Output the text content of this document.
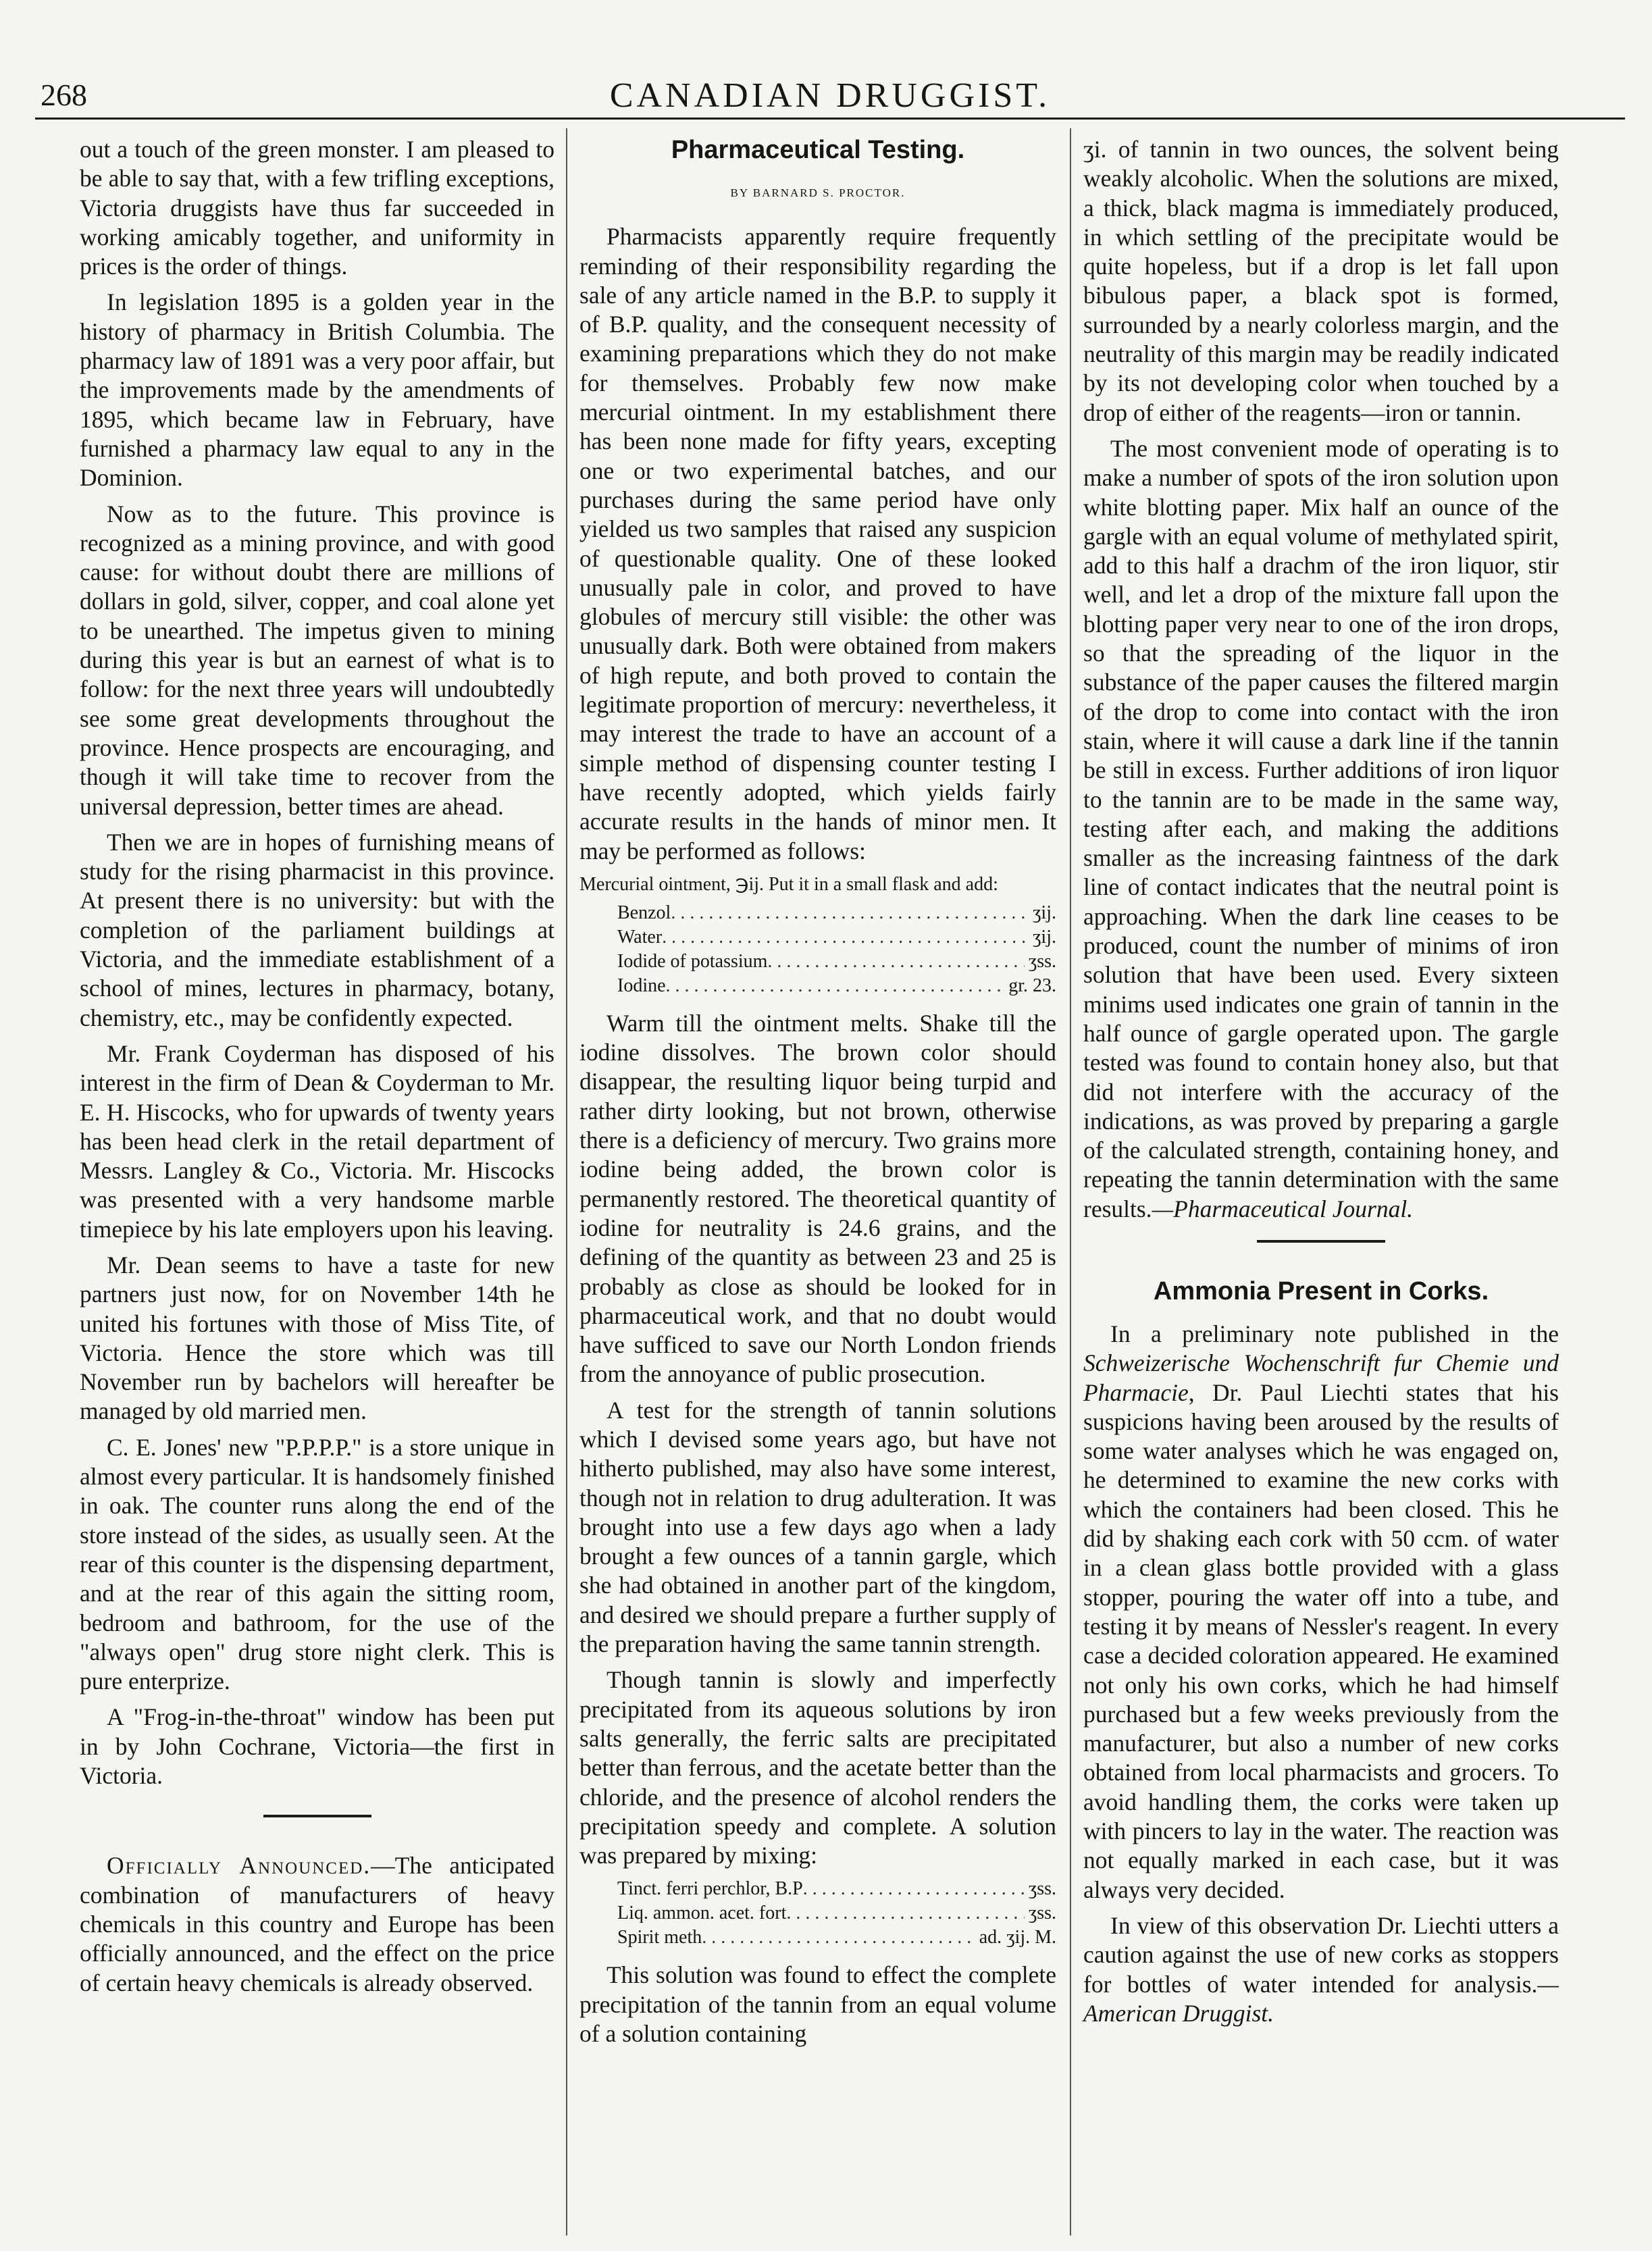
268	CANADIAN DRUGGIST.

out a touch of the green monster. I am pleased to be able to say that, with a few trifling exceptions, Victoria druggists have thus far succeeded in working amicably together, and uniformity in prices is the order of things.

In legislation 1895 is a golden year in the history of pharmacy in British Columbia. The pharmacy law of 1891 was a very poor affair, but the improvements made by the amendments of 1895, which became law in February, have furnished a pharmacy law equal to any in the Dominion.

Now as to the future. This province is recognized as a mining province, and with good cause: for without doubt there are millions of dollars in gold, silver, copper, and coal alone yet to be unearthed. The impetus given to mining during this year is but an earnest of what is to follow: for the next three years will undoubtedly see some great developments throughout the province. Hence prospects are encouraging, and though it will take time to recover from the universal depression, better times are ahead.

Then we are in hopes of furnishing means of study for the rising pharmacist in this province. At present there is no university: but with the completion of the parliament buildings at Victoria, and the immediate establishment of a school of mines, lectures in pharmacy, botany, chemistry, etc., may be confidently expected.

Mr. Frank Coyderman has disposed of his interest in the firm of Dean & Coyderman to Mr. E. H. Hiscocks, who for upwards of twenty years has been head clerk in the retail department of Messrs. Langley & Co., Victoria. Mr. Hiscocks was presented with a very handsome marble timepiece by his late employers upon his leaving.

Mr. Dean seems to have a taste for new partners just now, for on November 14th he united his fortunes with those of Miss Tite, of Victoria. Hence the store which was till November run by bachelors will hereafter be managed by old married men.

C. E. Jones' new "P.P.P.P." is a store unique in almost every particular. It is handsomely finished in oak. The counter runs along the end of the store instead of the sides, as usually seen. At the rear of this counter is the dispensing department, and at the rear of this again the sitting room, bedroom and bathroom, for the use of the "always open" drug store night clerk. This is pure enterprize.

A "Frog-in-the-throat" window has been put in by John Cochrane, Victoria—the first in Victoria.

Officially Announced.—The anticipated combination of manufacturers of heavy chemicals in this country and Europe has been officially announced, and the effect on the price of certain heavy chemicals is already observed.

Pharmaceutical Testing.
BY BARNARD S. PROCTOR.

Pharmacists apparently require frequently reminding of their responsibility regarding the sale of any article named in the B.P. to supply it of B.P. quality, and the consequent necessity of examining preparations which they do not make for themselves. Probably few now make mercurial ointment. In my establishment there has been none made for fifty years, excepting one or two experimental batches, and our purchases during the same period have only yielded us two samples that raised any suspicion of questionable quality. One of these looked unusually pale in color, and proved to have globules of mercury still visible: the other was unusually dark. Both were obtained from makers of high repute, and both proved to contain the legitimate proportion of mercury: nevertheless, it may interest the trade to have an account of a simple method of dispensing counter testing I have recently adopted, which yields fairly accurate results in the hands of minor men. It may be performed as follows:

Mercurial ointment, ℈ij. Put it in a small flask and add:
Benzol . . .	ʒij.
Water . . .	ʒij.
Iodide of potassium . . .	ʒss.
Iodine . . .	gr. 23.

Warm till the ointment melts. Shake till the iodine dissolves. The brown color should disappear, the resulting liquor being turpid and rather dirty looking, but not brown, otherwise there is a deficiency of mercury. Two grains more iodine being added, the brown color is permanently restored. The theoretical quantity of iodine for neutrality is 24.6 grains, and the defining of the quantity as between 23 and 25 is probably as close as should be looked for in pharmaceutical work, and that no doubt would have sufficed to save our North London friends from the annoyance of public prosecution.

A test for the strength of tannin solutions which I devised some years ago, but have not hitherto published, may also have some interest, though not in relation to drug adulteration. It was brought into use a few days ago when a lady brought a few ounces of a tannin gargle, which she had obtained in another part of the kingdom, and desired we should prepare a further supply of the preparation having the same tannin strength.

Though tannin is slowly and imperfectly precipitated from its aqueous solutions by iron salts generally, the ferric salts are precipitated better than ferrous, and the acetate better than the chloride, and the presence of alcohol renders the precipitation speedy and complete. A solution was prepared by mixing:

Tinct. ferri perchlor, B.P . . .	ʒss.
Liq. ammon. acet. fort . . .	ʒss.
Spirit meth . . .	ad. ʒij. M.

This solution was found to effect the complete precipitation of the tannin from an equal volume of a solution containing

ʒi. of tannin in two ounces, the solvent being weakly alcoholic. When the solutions are mixed, a thick, black magma is immediately produced, in which settling of the precipitate would be quite hopeless, but if a drop is let fall upon bibulous paper, a black spot is formed, surrounded by a nearly colorless margin, and the neutrality of this margin may be readily indicated by its not developing color when touched by a drop of either of the reagents—iron or tannin.

The most convenient mode of operating is to make a number of spots of the iron solution upon white blotting paper. Mix half an ounce of the gargle with an equal volume of methylated spirit, add to this half a drachm of the iron liquor, stir well, and let a drop of the mixture fall upon the blotting paper very near to one of the iron drops, so that the spreading of the liquor in the substance of the paper causes the filtered margin of the drop to come into contact with the iron stain, where it will cause a dark line if the tannin be still in excess. Further additions of iron liquor to the tannin are to be made in the same way, testing after each, and making the additions smaller as the increasing faintness of the dark line of contact indicates that the neutral point is approaching. When the dark line ceases to be produced, count the number of minims of iron solution that have been used. Every sixteen minims used indicates one grain of tannin in the half ounce of gargle operated upon. The gargle tested was found to contain honey also, but that did not interfere with the accuracy of the indications, as was proved by preparing a gargle of the calculated strength, containing honey, and repeating the tannin determination with the same results.—Pharmaceutical Journal.

Ammonia Present in Corks.

In a preliminary note published in the Schweizerische Wochenschrift fur Chemie und Pharmacie, Dr. Paul Liechti states that his suspicions having been aroused by the results of some water analyses which he was engaged on, he determined to examine the new corks with which the containers had been closed. This he did by shaking each cork with 50 ccm. of water in a clean glass bottle provided with a glass stopper, pouring the water off into a tube, and testing it by means of Nessler's reagent. In every case a decided coloration appeared. He examined not only his own corks, which he had himself purchased but a few weeks previously from the manufacturer, but also a number of new corks obtained from local pharmacists and grocers. To avoid handling them, the corks were taken up with pincers to lay in the water. The reaction was not equally marked in each case, but it was always very decided.

In view of this observation Dr. Liechti utters a caution against the use of new corks as stoppers for bottles of water intended for analysis.—American Druggist.
